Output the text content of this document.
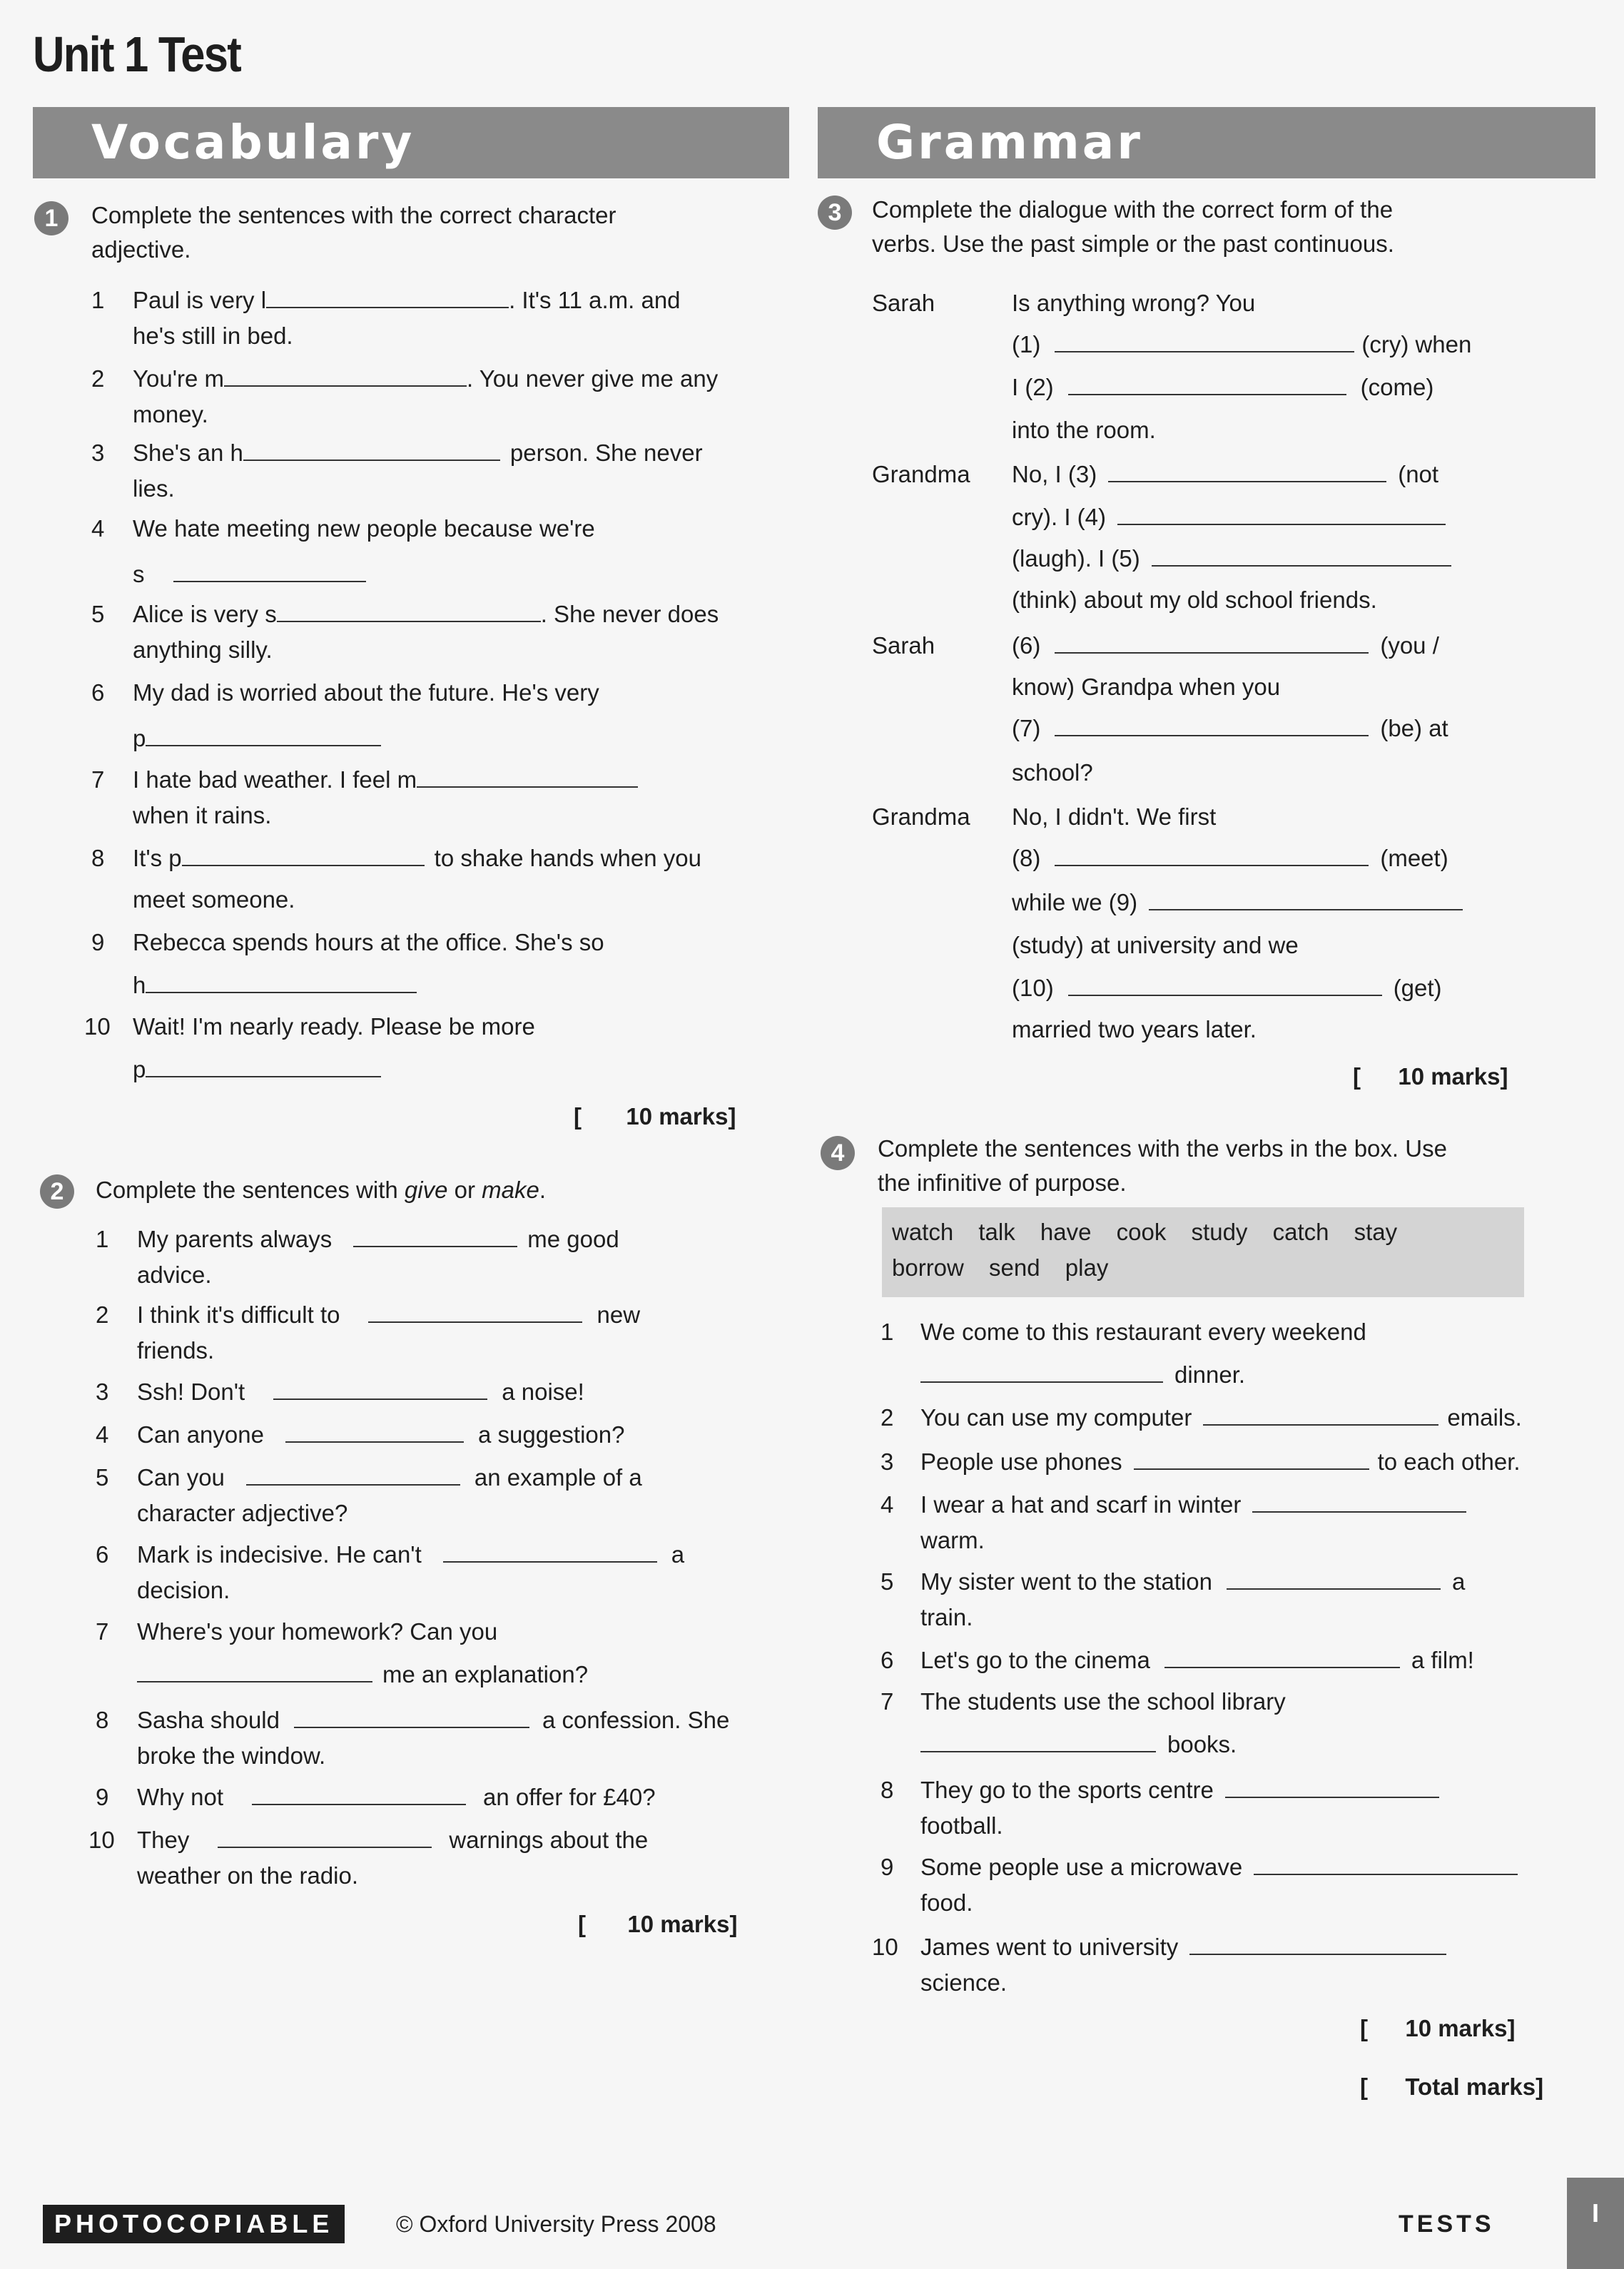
Unit 1 Test
Vocabulary	Grammar
1	Complete the sentences with the correct character
adjective.
1 Paul is very l	. It's 11 a.m. and
he's still in bed.
2 You're m	. You never give me any
money.
3 She's an h	person. She never
lies.
4 We hate meeting new people because we're
s
5 Alice is very s	. She never does
anything silly.
6 My dad is worried about the future. He's very
p
7 I hate bad weather. I feel m
when it rains.
8 It's p	to shake hands when you
meet someone.
9 Rebecca spends hours at the office. She's so
h
10 Wait! I'm nearly ready. Please be more
p
[ 10 marks]
2	Complete the sentences with give or make.
1 My parents always	me good
advice.
2 I think it's difficult to	new
friends.
3 Ssh! Don't	a noise!
4 Can anyone	a suggestion?
5 Can you	an example of a
character adjective?
6 Mark is indecisive. He can't	a
decision.
7 Where's your homework? Can you
me an explanation?
8 Sasha should	a confession. She
broke the window.
9 Why not	an offer for £40?
10 They	warnings about the
weather on the radio.
[ 10 marks]
3	Complete the dialogue with the correct form of the
verbs. Use the past simple or the past continuous.
Sarah	Is anything wrong? You
(1)	(cry) when
I (2)	(come)
into the room.
Grandma No, I (3)	(not
cry). I (4)
(laugh). I (5)
(think) about my old school friends.
Sarah	(6)	(you /
know) Grandpa when you
(7)	(be) at
school?
Grandma No, I didn't. We first
(8)	(meet)
while we (9)
(study) at university and we
(10)	(get)
married two years later.
[ 10 marks]
4	Complete the sentences with the verbs in the box. Use
the infinitive of purpose.
watch talk have cook study catch stay
borrow send play
1 We come to this restaurant every weekend
dinner.
2 You can use my computer	emails.
3 People use phones	to each other.
4 I wear a hat and scarf in winter
warm.
5 My sister went to the station	a
train.
6 Let's go to the cinema	a film!
7 The students use the school library
books.
8 They go to the sports centre
football.
9 Some people use a microwave
food.
10 James went to university
science.
[ 10 marks]
[ Total marks]
PHOTOCOPIABLE	© Oxford University Press 2008	TESTS	I
